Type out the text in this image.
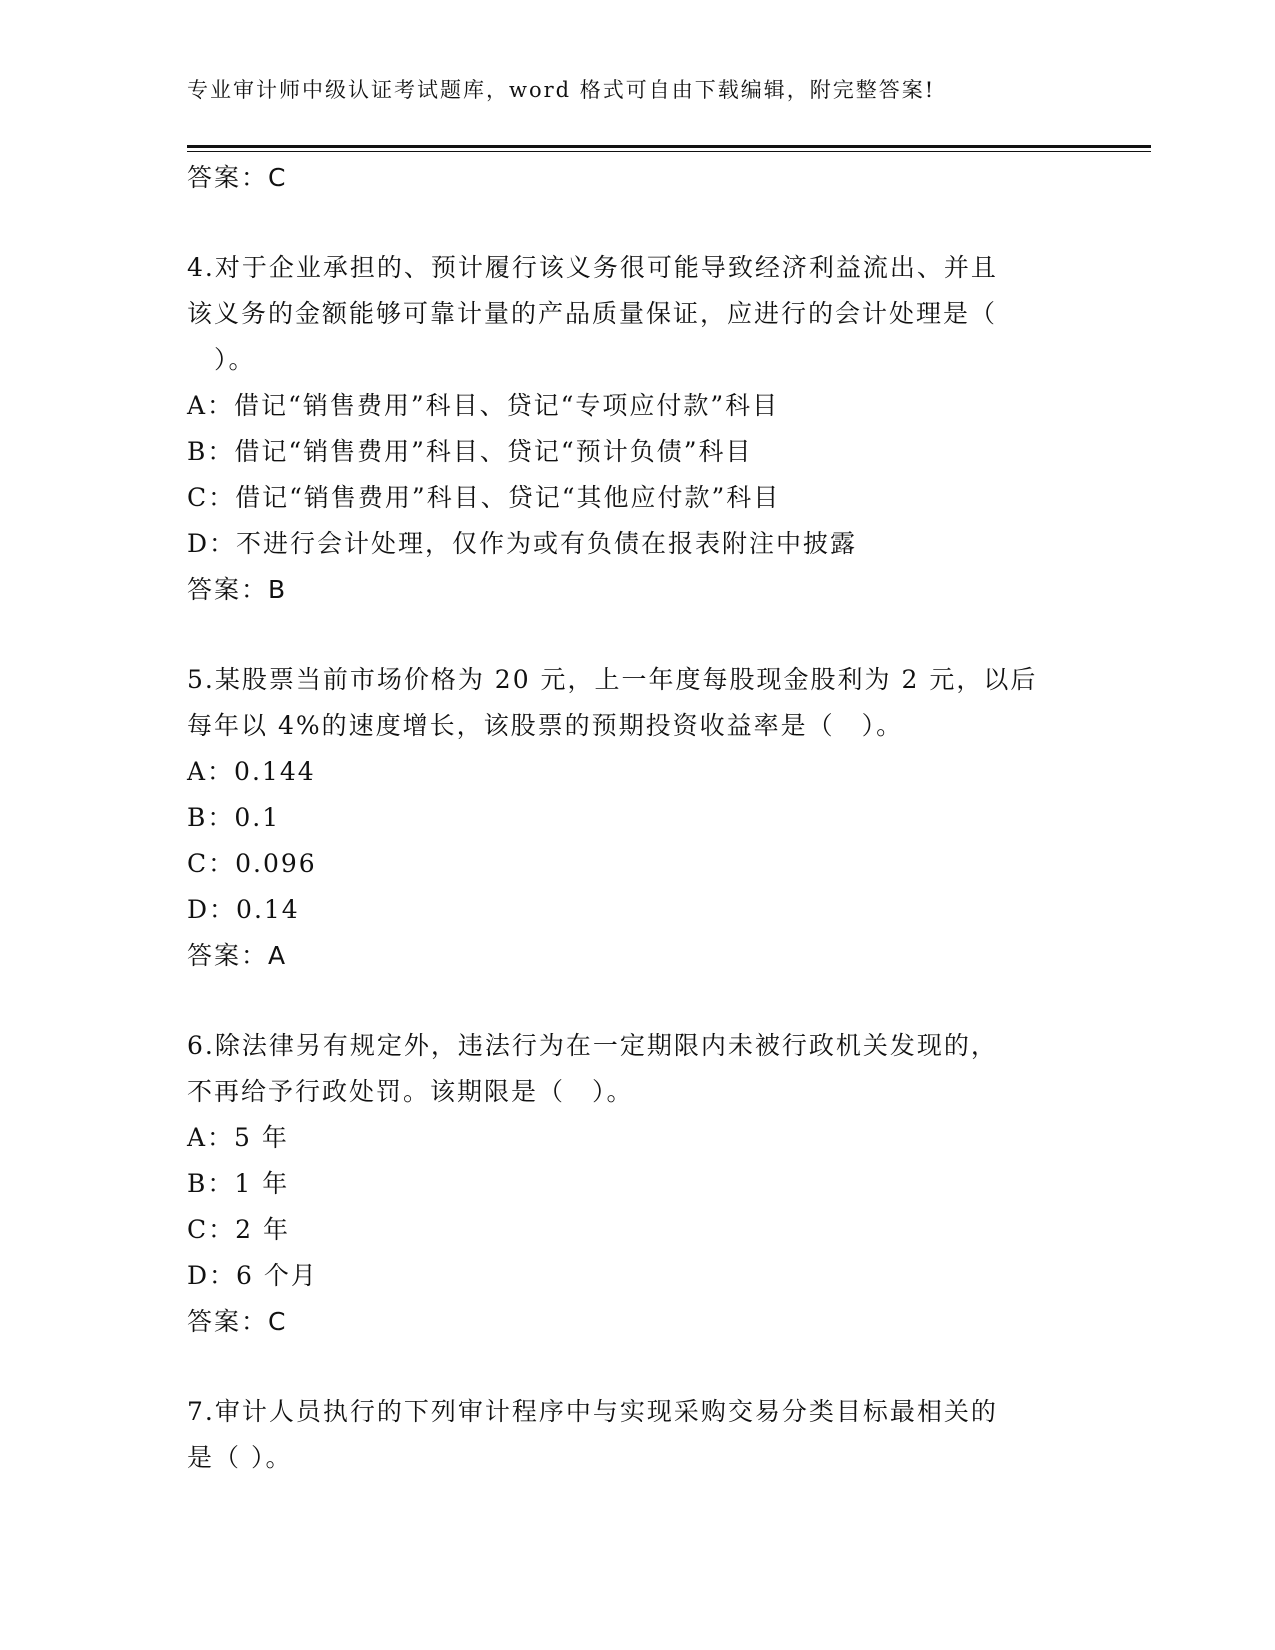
专业审计师中级认证考试题库，word 格式可自由下载编辑，附完整答案!
答案：C
4.对于企业承担的、预计履行该义务很可能导致经济利益流出、并且
该义务的金额能够可靠计量的产品质量保证，应进行的会计处理是（
　）。
A：借记“销售费用”科目、贷记“专项应付款”科目
B：借记“销售费用”科目、贷记“预计负债”科目
C：借记“销售费用”科目、贷记“其他应付款”科目
D：不进行会计处理，仅作为或有负债在报表附注中披露
答案：B
5.某股票当前市场价格为 20 元，上一年度每股现金股利为 2 元，以后
每年以 4%的速度增长，该股票的预期投资收益率是（　）。
A：0.144
B：0.1
C：0.096
D：0.14
答案：A
6.除法律另有规定外，违法行为在一定期限内未被行政机关发现的，
不再给予行政处罚。该期限是（　）。
A：5 年
B：1 年
C：2 年
D：6 个月
答案：C
7.审计人员执行的下列审计程序中与实现采购交易分类目标最相关的
是（ ）。
